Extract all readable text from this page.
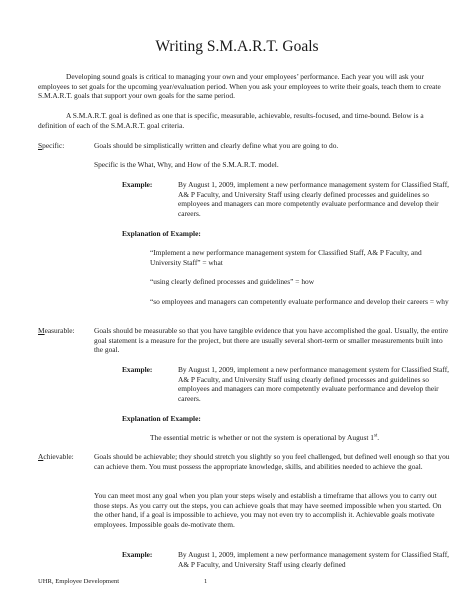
Writing S.M.A.R.T. Goals
Developing sound goals is critical to managing your own and your employees’ performance. Each year you will ask your employees to set goals for the upcoming year/evaluation period. When you ask your employees to write their goals, teach them to create S.M.A.R.T. goals that support your own goals for the same period.
A S.M.A.R.T. goal is defined as one that is specific, measurable, achievable, results-focused, and time-bound. Below is a definition of each of the S.M.A.R.T. goal criteria.
Specific:	Goals should be simplistically written and clearly define what you are going to do.
Specific is the What, Why, and How of the S.M.A.R.T. model.
Example:	By August 1, 2009, implement a new performance management system for Classified Staff, A& P Faculty, and University Staff using clearly defined processes and guidelines so employees and managers can more competently evaluate performance and develop their careers.
Explanation of Example:
“Implement a new performance management system for Classified Staff, A& P Faculty, and University Staff” = what
“using clearly defined processes and guidelines” = how
“so employees and managers can competently evaluate performance and develop their careers = why
Measurable:	Goals should be measurable so that you have tangible evidence that you have accomplished the goal. Usually, the entire goal statement is a measure for the project, but there are usually several short-term or smaller measurements built into the goal.
Example:	By August 1, 2009, implement a new performance management system for Classified Staff, A& P Faculty, and University Staff using clearly defined processes and guidelines so employees and managers can more competently evaluate performance and develop their careers.
Explanation of Example:
The essential metric is whether or not the system is operational by August 1st.
Achievable:	Goals should be achievable; they should stretch you slightly so you feel challenged, but defined well enough so that you can achieve them. You must possess the appropriate knowledge, skills, and abilities needed to achieve the goal.
You can meet most any goal when you plan your steps wisely and establish a timeframe that allows you to carry out those steps. As you carry out the steps, you can achieve goals that may have seemed impossible when you started. On the other hand, if a goal is impossible to achieve, you may not even try to accomplish it. Achievable goals motivate employees. Impossible goals de-motivate them.
Example:	By August 1, 2009, implement a new performance management system for Classified Staff, A& P Faculty, and University Staff using clearly defined
UHR, Employee Development	1
